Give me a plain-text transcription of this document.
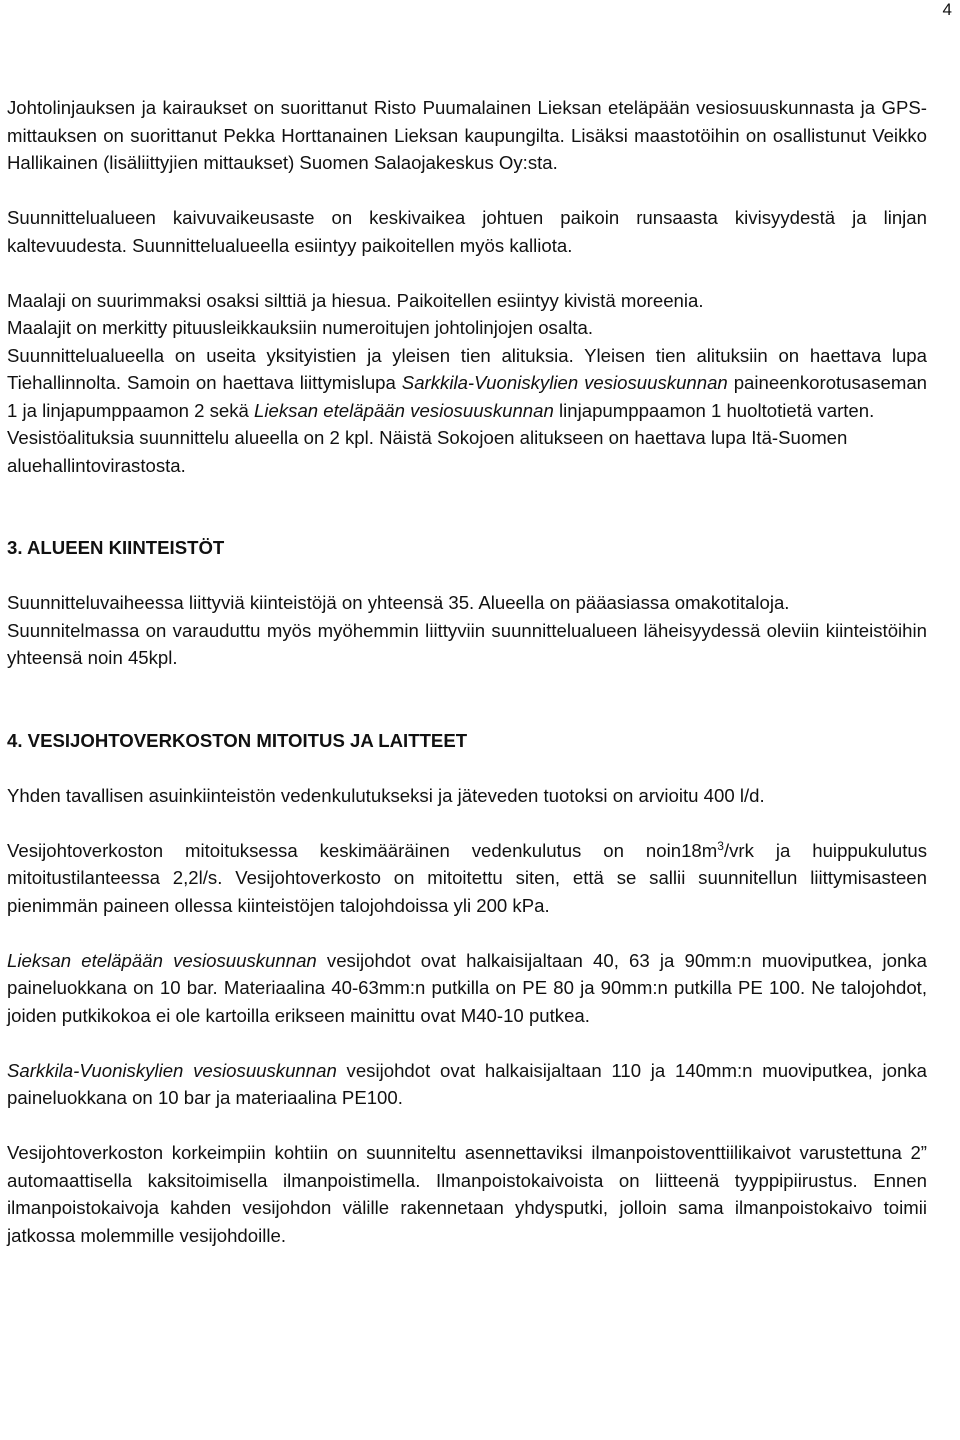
4

Johtolinjauksen ja kairaukset on suorittanut Risto Puumalainen Lieksan eteläpään vesiosuuskunnasta ja GPS-mittauksen on suorittanut Pekka Horttanainen Lieksan kaupungilta. Lisäksi maastotöihin on osallistunut Veikko Hallikainen (lisäliittyjien mittaukset) Suomen Salaojakeskus Oy:sta.

Suunnittelualueen kaivuvaikeusaste on keskivaikea johtuen paikoin runsaasta kivisyydestä ja linjan kaltevuudesta. Suunnittelualueella esiintyy paikoitellen myös kalliota.

Maalaji on suurimmaksi osaksi silttiä ja hiesua. Paikoitellen esiintyy kivistä moreenia.

Maalajit on merkitty pituusleikkauksiin numeroitujen johtolinjojen osalta.

Suunnittelualueella on useita yksityistien ja yleisen tien alituksia. Yleisen tien alituksiin on haettava lupa Tiehallinnolta. Samoin on haettava liittymislupa Sarkkila-Vuoniskylien vesiosuuskunnan paineenkorotusaseman 1 ja linjapumppaamon 2 sekä Lieksan eteläpään vesiosuuskunnan linjapumppaamon 1 huoltotietä varten.

Vesistöalituksia suunnittelu alueella on 2 kpl. Näistä Sokojoen alitukseen on haettava lupa Itä-Suomen aluehallintovirastosta.

3. ALUEEN KIINTEISTÖT

Suunnitteluvaiheessa liittyviä kiinteistöjä on yhteensä 35. Alueella on pääasiassa omakotitaloja.

Suunnitelmassa on varauduttu myös myöhemmin liittyviin suunnittelualueen läheisyydessä oleviin kiinteistöihin yhteensä noin 45kpl.

4. VESIJOHTOVERKOSTON MITOITUS JA LAITTEET

Yhden tavallisen asuinkiinteistön vedenkulutukseksi ja jäteveden tuotoksi on arvioitu 400 l/d.

Vesijohtoverkoston mitoituksessa keskimääräinen vedenkulutus on $noin18m^3$/vrk ja huippukulutus mitoitustilanteessa 2,2l/s. Vesijohtoverkosto on mitoitettu siten, että se sallii suunnitellun liittymisasteen pienimmän paineen ollessa kiinteistöjen talojohdoissa yli 200 kPa.

Lieksan eteläpään vesiosuuskunnan vesijohdot ovat halkaisijaltaan 40, 63 ja 90mm:n muoviputkea, jonka paineluokkana on 10 bar. Materiaalina 40-63mm:n putkilla on PE 80 ja 90mm:n putkilla PE 100. Ne talojohdot, joiden putkikokoa ei ole kartoilla erikseen mainittu ovat M40-10 putkea.

Sarkkila-Vuoniskylien vesiosuuskunnan vesijohdot ovat halkaisijaltaan 110 ja 140mm:n muoviputkea, jonka paineluokkana on 10 bar ja materiaalina PE100.

Vesijohtoverkoston korkeimpiin kohtiin on suunniteltu asennettaviksi ilmanpoistoventtiilikaivot varustettuna 2” automaattisella kaksitoimisella ilmanpoistimella. Ilmanpoistokaivoista on liitteenä tyyppipiirustus. Ennen ilmanpoistokaivoja kahden vesijohdon välille rakennetaan yhdysputki, jolloin sama ilmanpoistokaivo toimii jatkossa molemmille vesijohdoille.
